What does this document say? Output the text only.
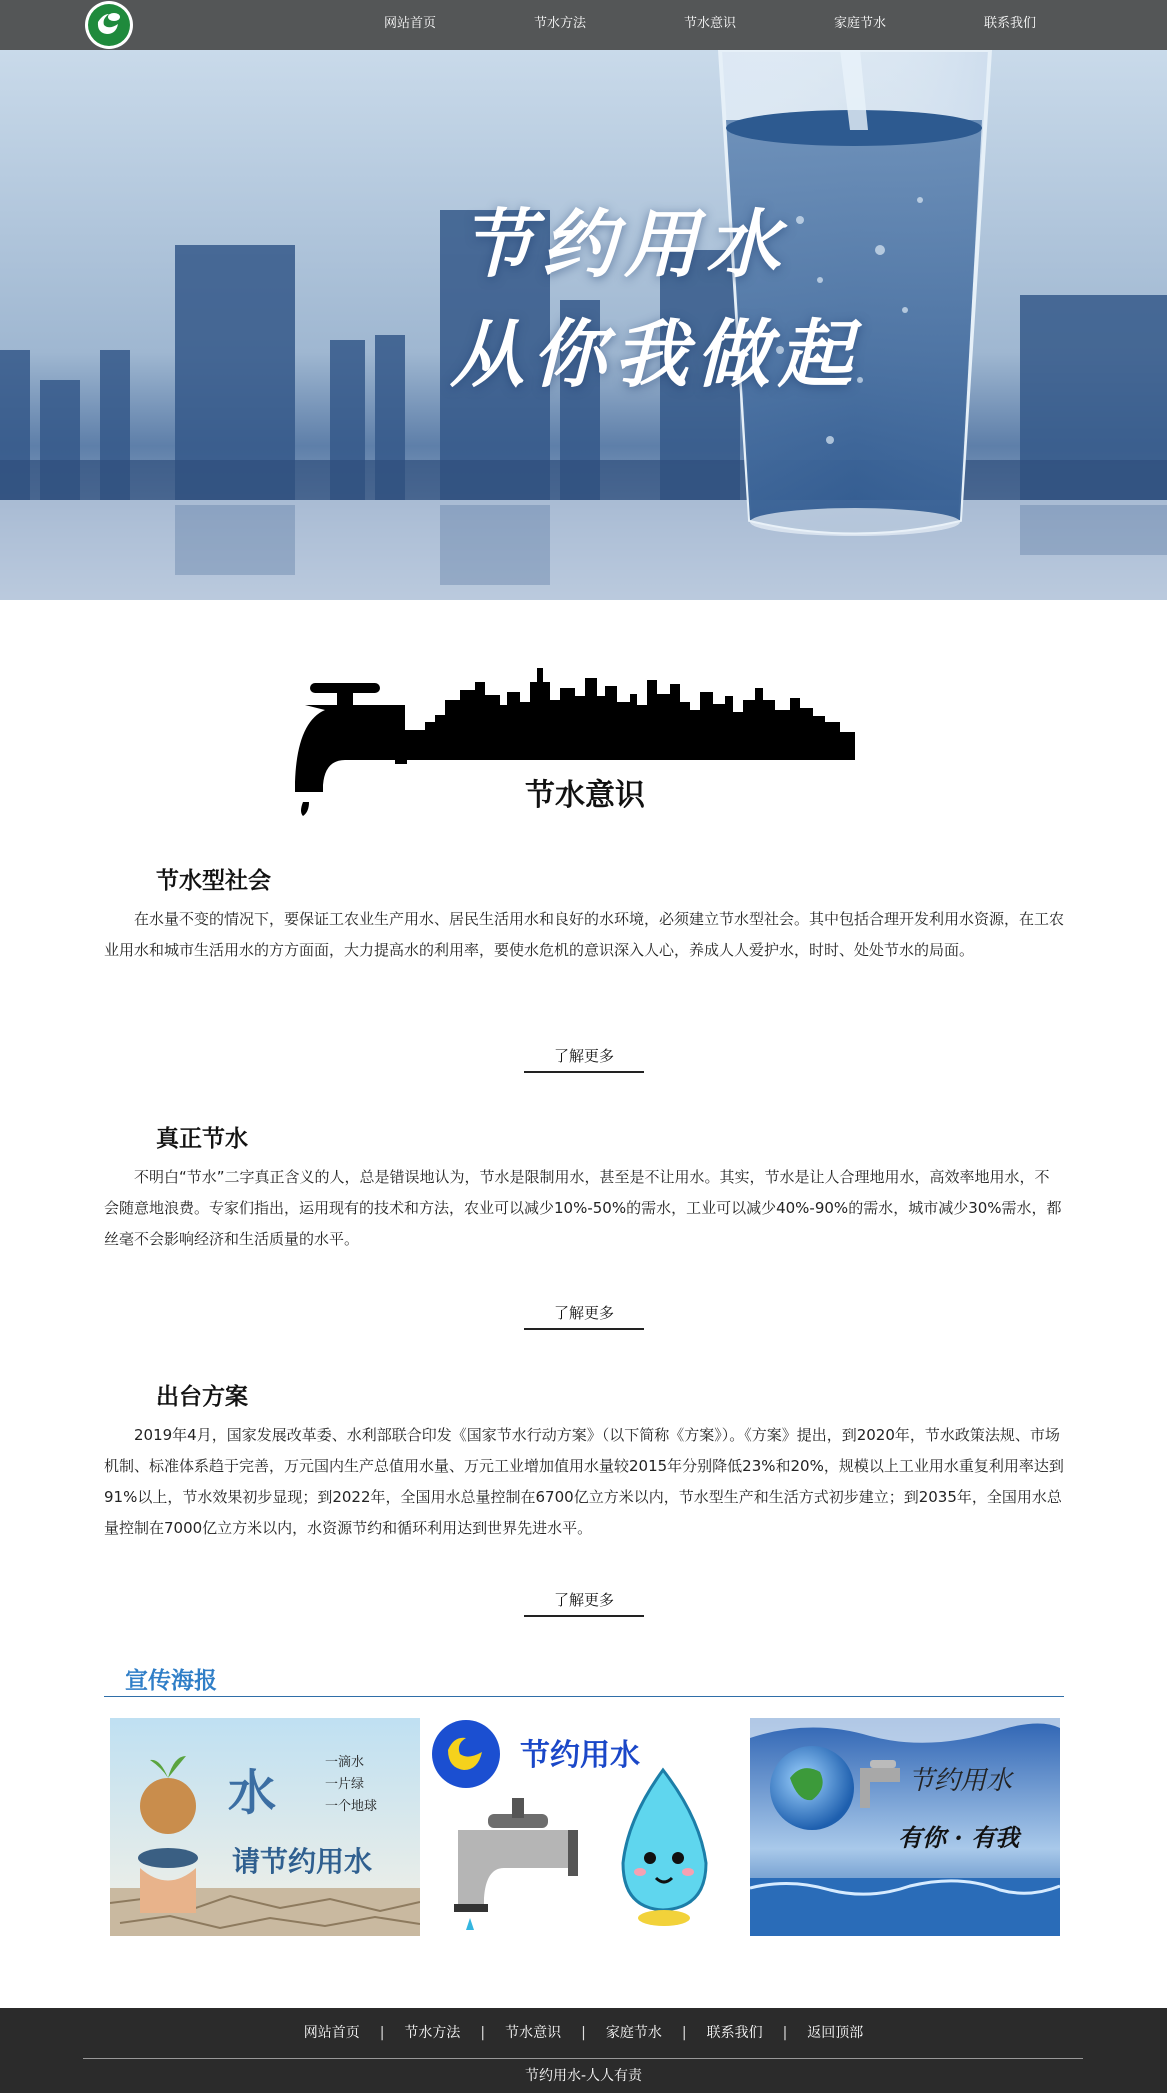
网站首页	节水方法	节水意识	家庭节水	联系我们
节约用水
从你我做起
节水意识
节水型社会

在水量不变的情况下，要保证工农业生产用水、居民生活用水和良好的水环境，必须建立节水型社会。其中包括合理开发利用水资源，在工农业用水和城市生活用水的方方面面，大力提高水的利用率，要使水危机的意识深入人心，养成人人爱护水，时时、处处节水的局面。

了解更多
真正节水

不明白“节水”二字真正含义的人，总是错误地认为，节水是限制用水，甚至是不让用水。其实，节水是让人合理地用水，高效率地用水，不会随意地浪费。专家们指出，运用现有的技术和方法，农业可以减少10%-50%的需水，工业可以减少40%-90%的需水，城市减少30%需水，都丝毫不会影响经济和生活质量的水平。

了解更多
出台方案

2019年4月，国家发展改革委、水利部联合印发《国家节水行动方案》（以下简称《方案》）。《方案》提出，到2020年，节水政策法规、市场机制、标准体系趋于完善，万元国内生产总值用水量、万元工业增加值用水量较2015年分别降低23%和20%，规模以上工业用水重复利用率达到91%以上，节水效果初步显现；到2022年，全国用水总量控制在6700亿立方米以内，节水型生产和生活方式初步建立；到2035年，全国用水总量控制在7000亿立方米以内，水资源节约和循环利用达到世界先进水平。

了解更多
宣传海报
水
一滴水
一片绿
一个地球
请节约用水
节约用水
节约用水
有你 · 有我
网站首页 | 节水方法 | 节水意识 | 家庭节水 | 联系我们 | 返回顶部
节约用水-人人有责
